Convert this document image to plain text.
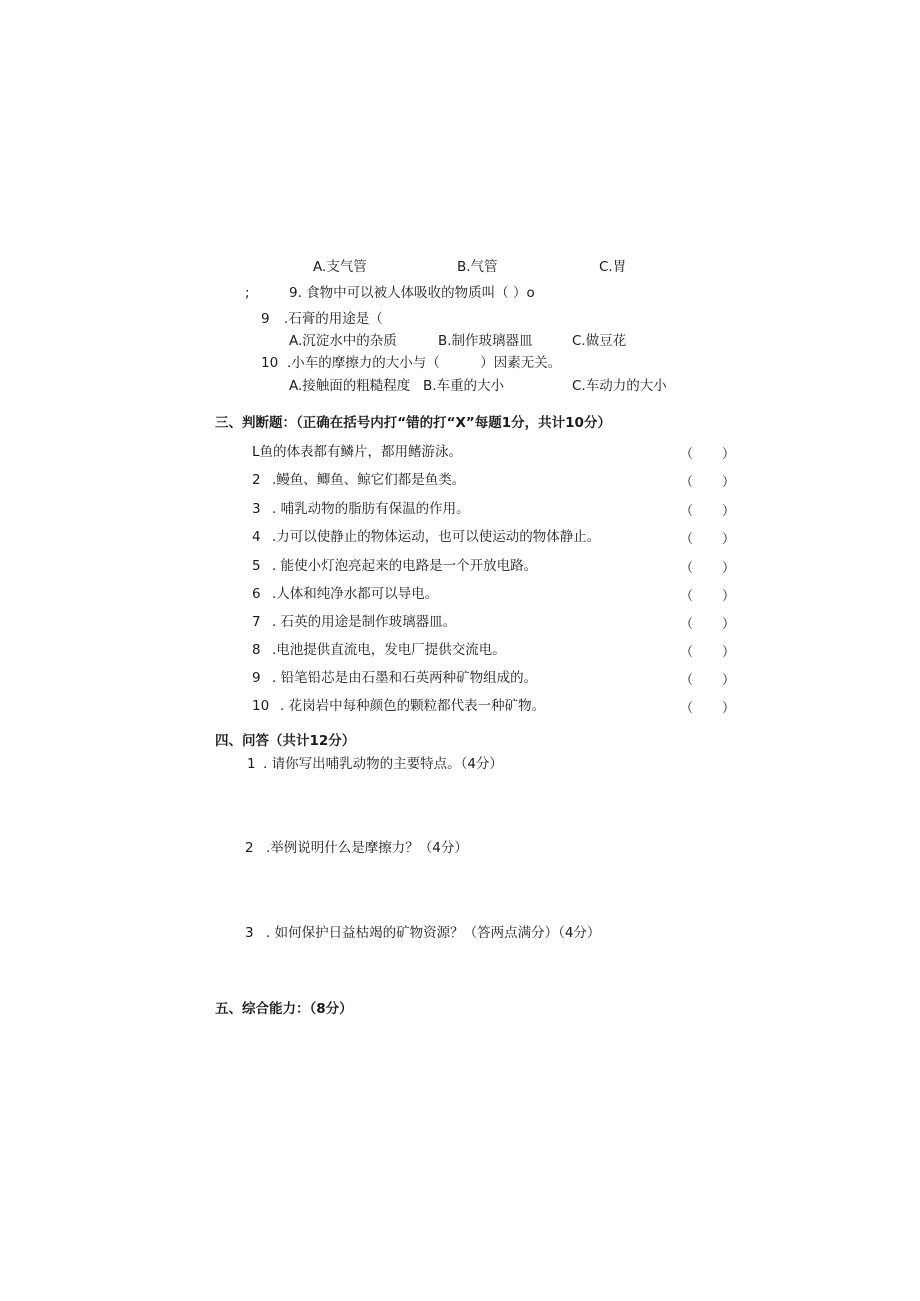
A.支气管	B.气管	C.胃
;	9. 食物中可以被人体吸收的物质叫（ ）o
9 .石膏的用途是（
A.沉淀水中的杂质	B.制作玻璃器皿	C.做豆花
10 .小车的摩擦力的大小与（　　　）因素无关。
A.接触面的粗糙程度 B.车重的大小	C.车动力的大小
三、判断题：（正确在括号内打“错的打“X”每题1分，共计10分）
L鱼的体表都有鳞片，都用鳍游泳。	（ ）
2 .鳗鱼、鲫鱼、鲸它们都是鱼类。	（ ）
3 . 哺乳动物的脂肪有保温的作用。	（ ）
4 .力可以使静止的物体运动，也可以使运动的物体静止。	（ ）
5 . 能使小灯泡亮起来的电路是一个开放电路。	（ ）
6 .人体和纯净水都可以导电。	（ ）
7 . 石英的用途是制作玻璃器皿。	（ ）
8 .电池提供直流电，发电厂提供交流电。	（ ）
9 . 铅笔铅芯是由石墨和石英两种矿物组成的。	（ ）
10 . 花岗岩中每种颜色的颗粒都代表一种矿物。	（ ）
四、问答（共计12分）
1 . 请你写出哺乳动物的主要特点。（4分）
2 .举例说明什么是摩擦力？（4分）
3 . 如何保护日益枯竭的矿物资源？（答两点满分）（4分）
五、综合能力：（8分）
